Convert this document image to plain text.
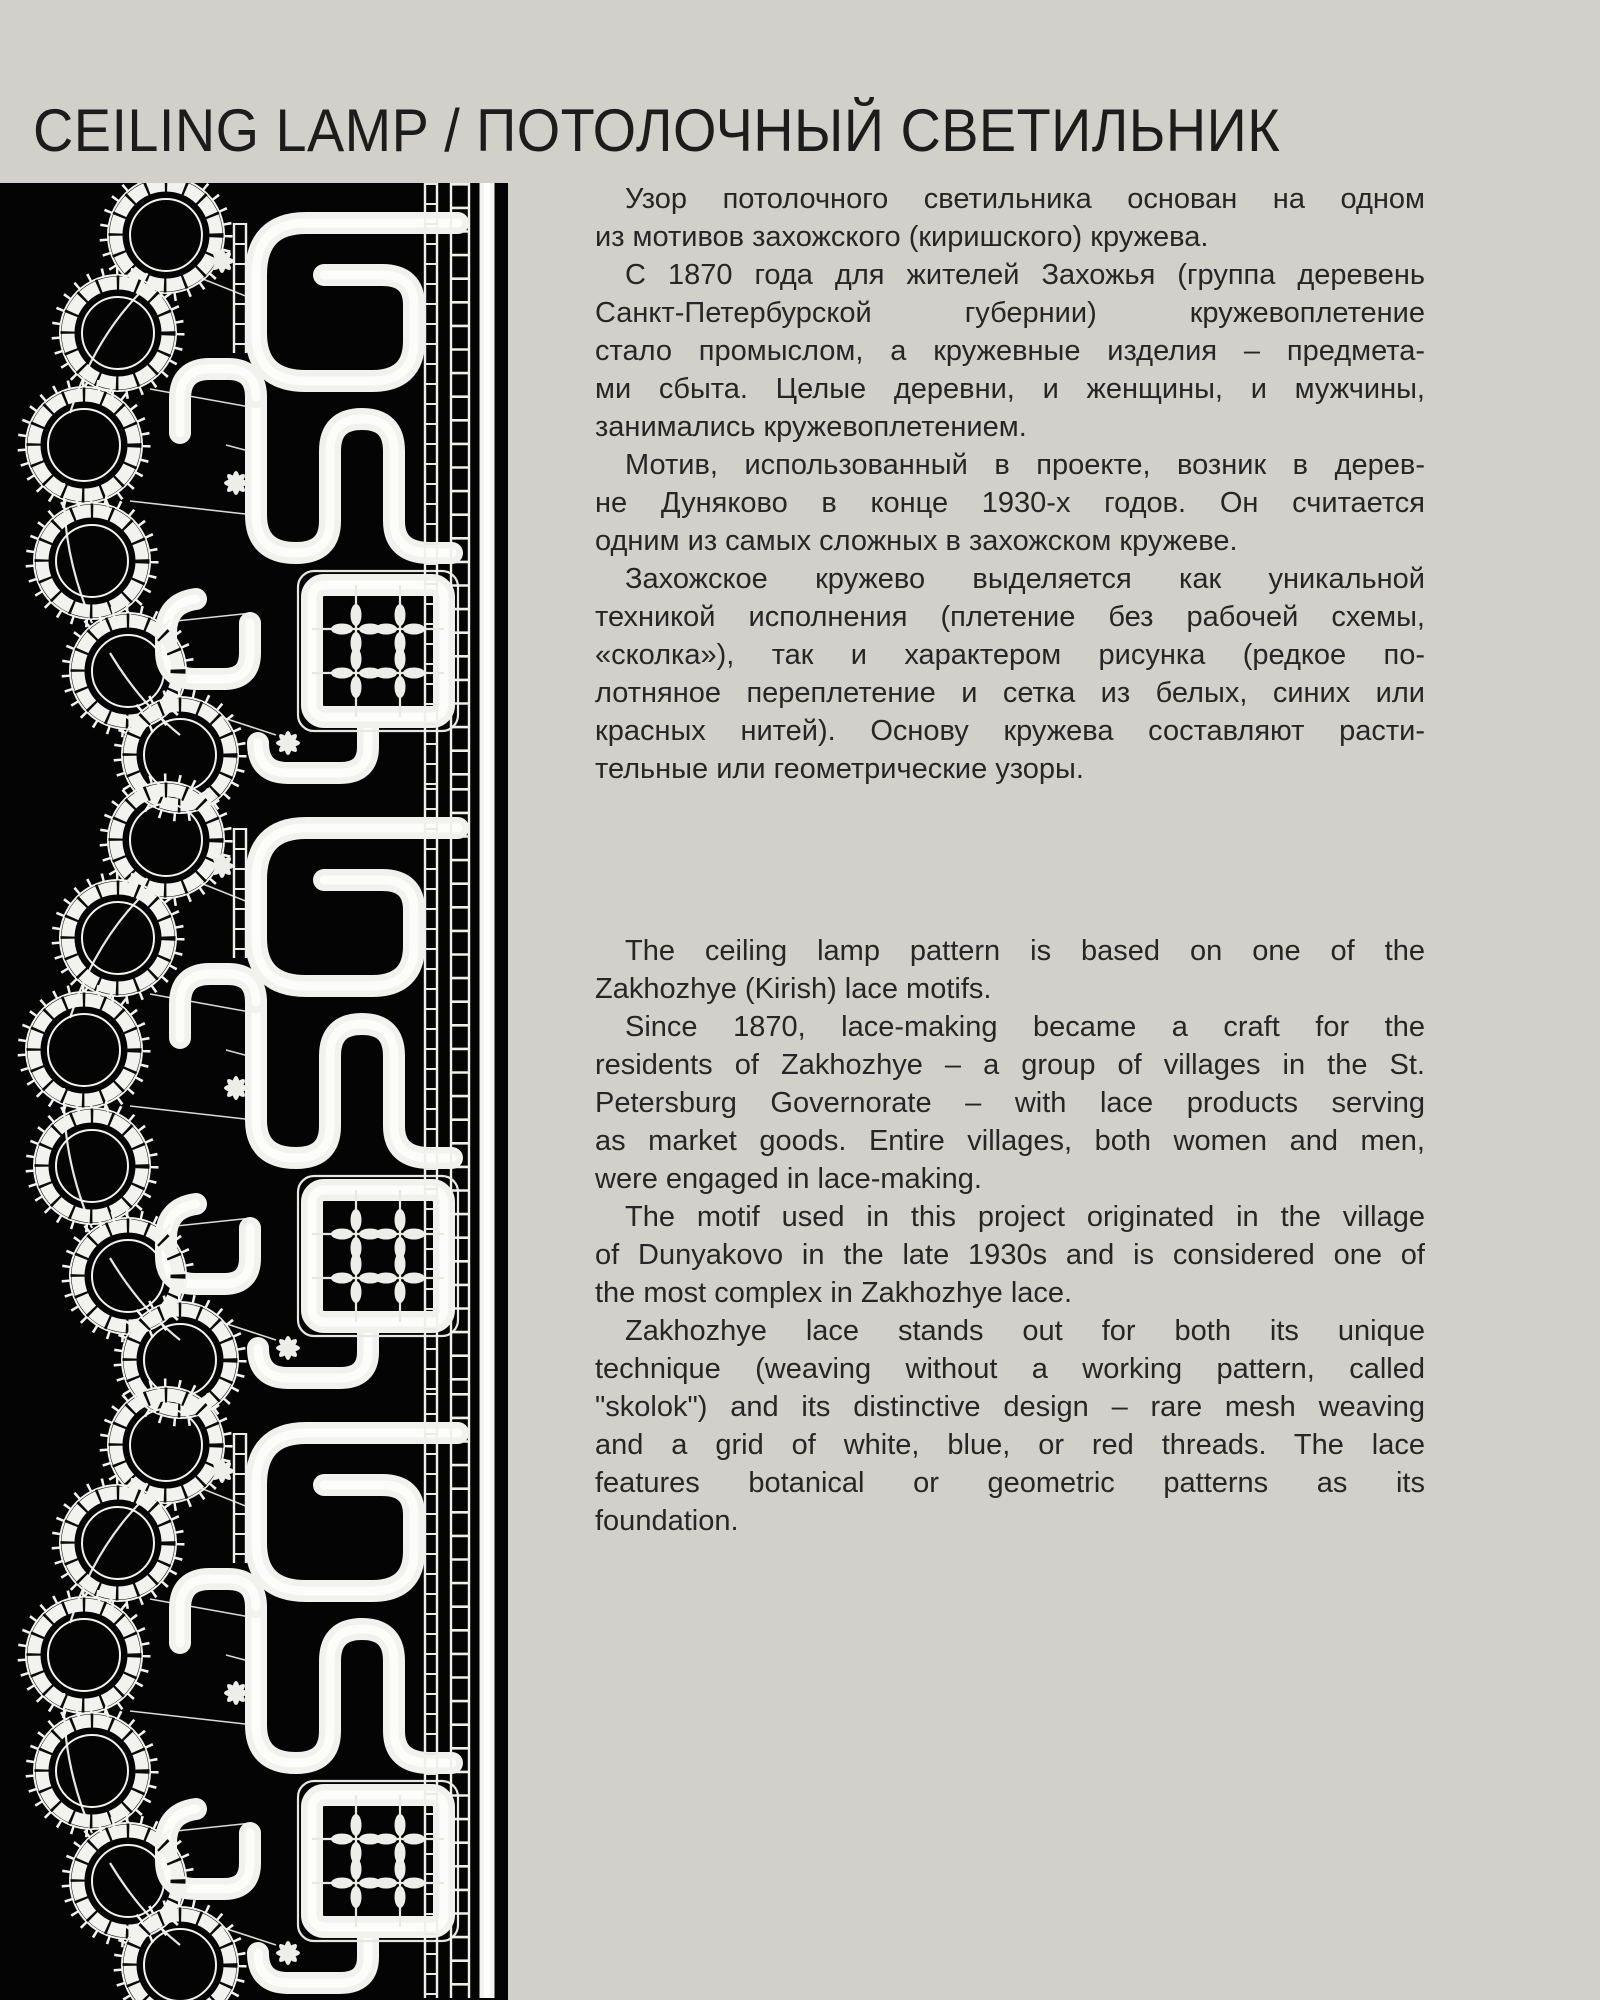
CEILING LAMP / ПОТОЛОЧНЫЙ СВЕТИЛЬНИК
Узор потолочного светильника основан на одном
из мотивов захожского (киришского) кружева.
С 1870 года для жителей Захожья (группа деревень
Санкт-Петербурской губернии) кружевоплетение
стало промыслом, а кружевные изделия – предмета-
ми сбыта. Целые деревни, и женщины, и мужчины,
занимались кружевоплетением.
Мотив, использованный в проекте, возник в дерев-
не Дуняково в конце 1930-х годов. Он считается
одним из самых сложных в захожском кружеве.
Захожское кружево выделяется как уникальной
техникой исполнения (плетение без рабочей схемы,
«сколка»), так и характером рисунка (редкое по-
лотняное переплетение и сетка из белых, синих или
красных нитей). Основу кружева составляют расти-
тельные или геометрические узоры.
The ceiling lamp pattern is based on one of the
Zakhozhye (Kirish) lace motifs.
Since 1870, lace-making became a craft for the
residents of Zakhozhye – a group of villages in the St.
Petersburg Governorate – with lace products serving
as market goods. Entire villages, both women and men,
were engaged in lace-making.
The motif used in this project originated in the village
of Dunyakovo in the late 1930s and is considered one of
the most complex in Zakhozhye lace.
Zakhozhye lace stands out for both its unique
technique (weaving without a working pattern, called
"skolok") and its distinctive design – rare mesh weaving
and a grid of white, blue, or red threads. The lace
features botanical or geometric patterns as its
foundation.
